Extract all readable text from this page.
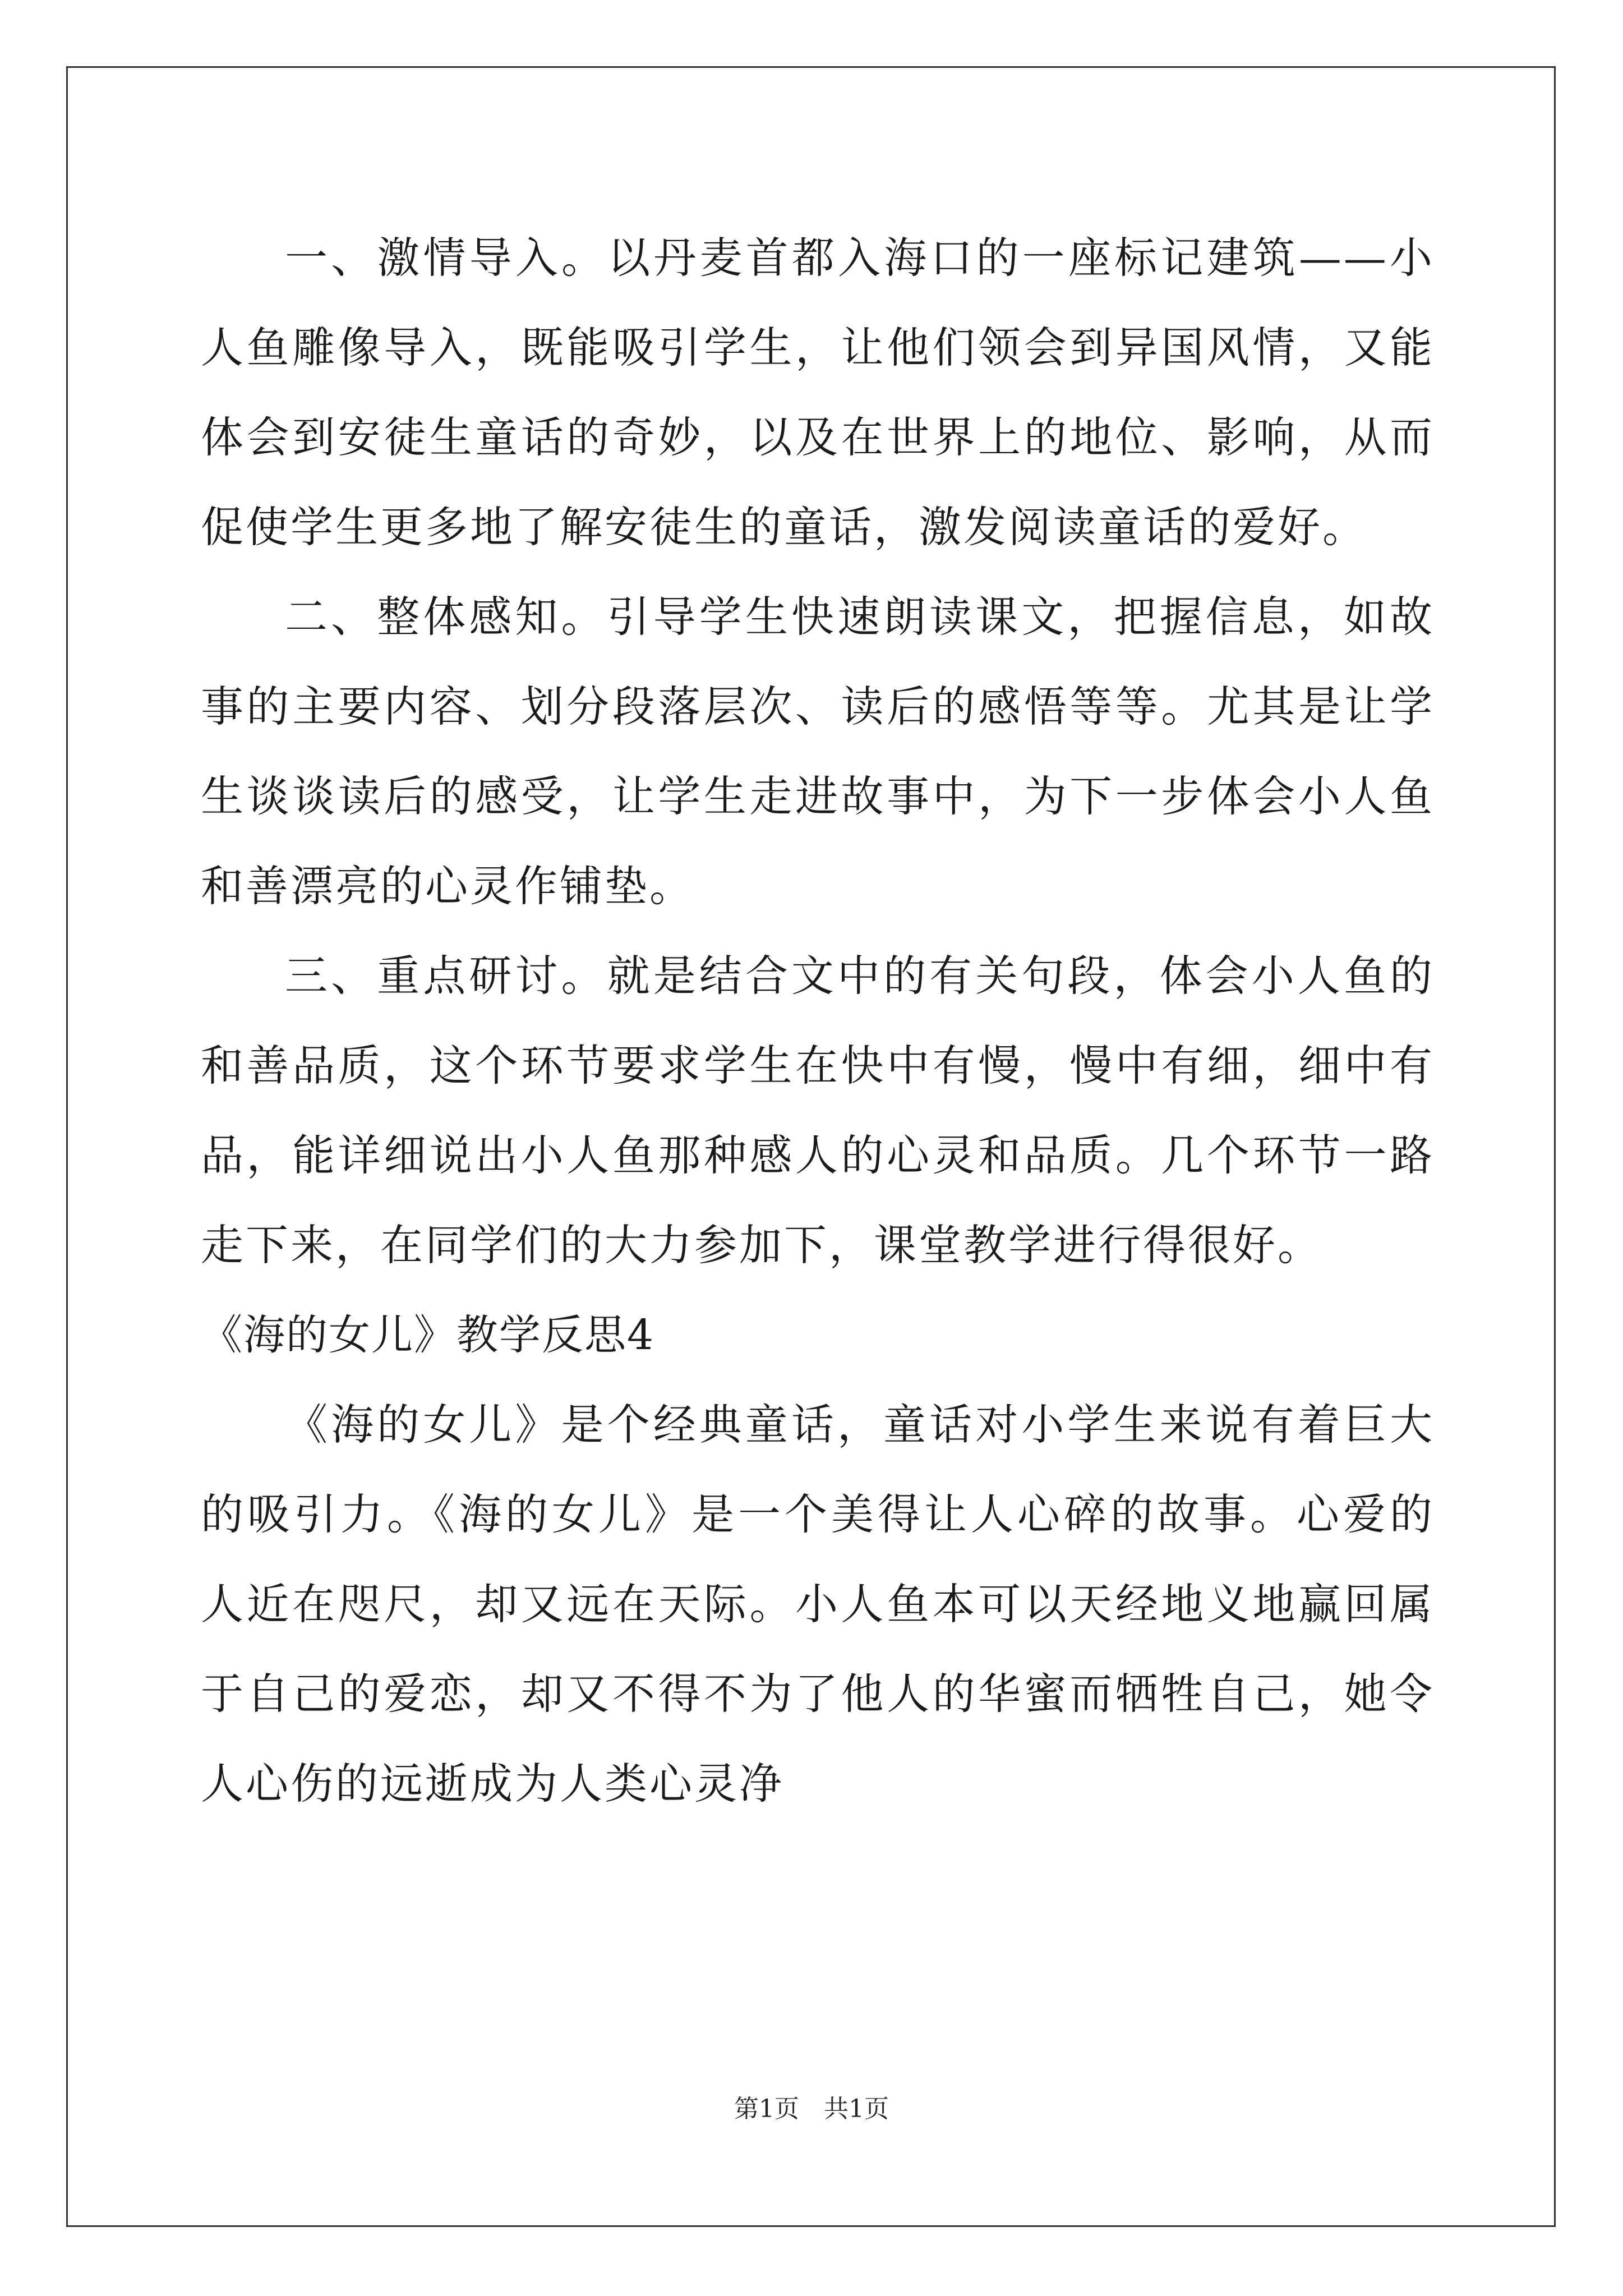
一、激情导入。以丹麦首都入海口的一座标记建筑——小人鱼雕像导入，既能吸引学生，让他们领会到异国风情，又能体会到安徒生童话的奇妙，以及在世界上的地位、影响，从而促使学生更多地了解安徒生的童话，激发阅读童话的爱好。

二、整体感知。引导学生快速朗读课文，把握信息，如故事的主要内容、划分段落层次、读后的感悟等等。尤其是让学生谈谈读后的感受，让学生走进故事中，为下一步体会小人鱼和善漂亮的心灵作铺垫。

三、重点研讨。就是结合文中的有关句段，体会小人鱼的和善品质，这个环节要求学生在快中有慢，慢中有细，细中有品，能详细说出小人鱼那种感人的心灵和品质。几个环节一路走下来，在同学们的大力参加下，课堂教学进行得很好。

《海的女儿》教学反思4

《海的女儿》是个经典童话，童话对小学生来说有着巨大的吸引力。《海的女儿》是一个美得让人心碎的故事。心爱的人近在咫尺，却又远在天际。小人鱼本可以天经地义地赢回属于自己的爱恋，却又不得不为了他人的华蜜而牺牲自己，她令人心伤的远逝成为人类心灵净

第1页　共1页
